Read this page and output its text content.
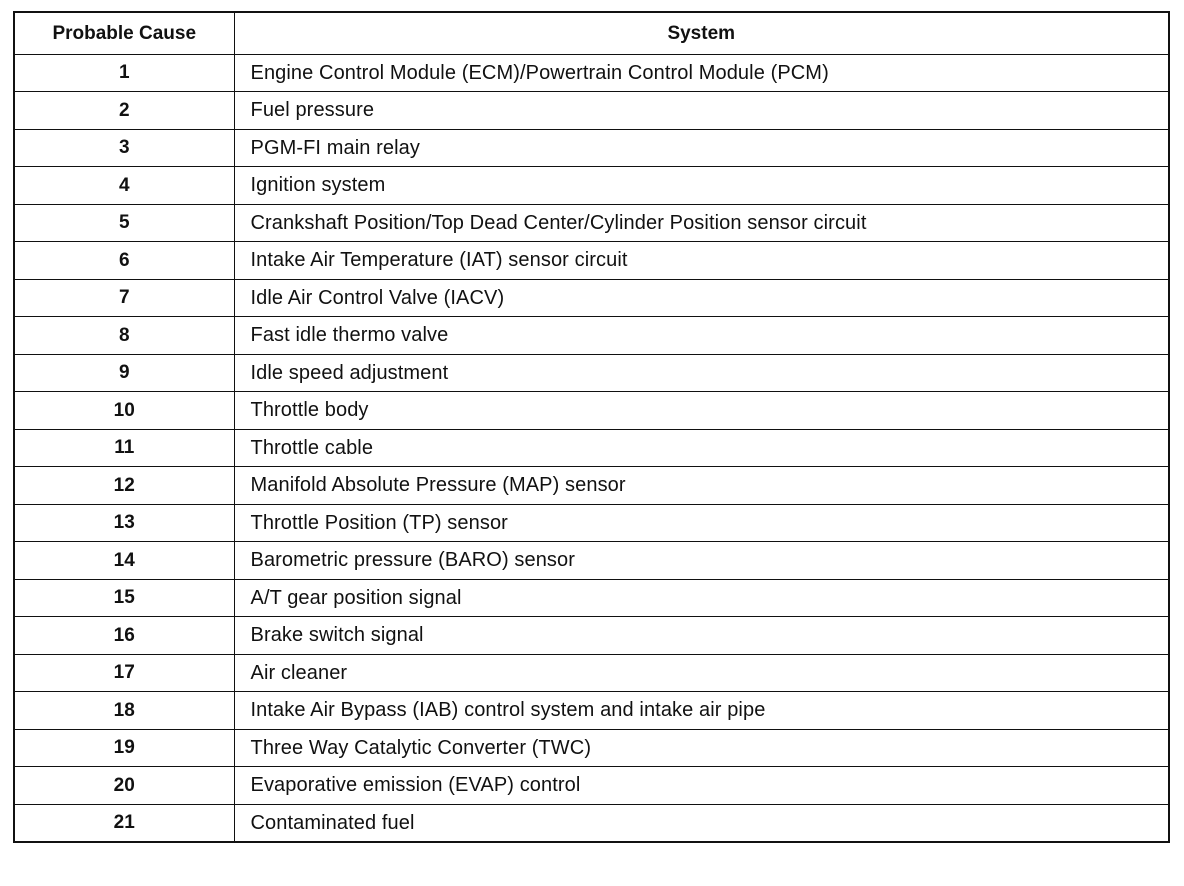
Probable Cause	System
1	Engine Control Module (ECM)/Powertrain Control Module (PCM)
2	Fuel pressure
3	PGM-FI main relay
4	Ignition system
5	Crankshaft Position/Top Dead Center/Cylinder Position sensor circuit
6	Intake Air Temperature (IAT) sensor circuit
7	Idle Air Control Valve (IACV)
8	Fast idle thermo valve
9	Idle speed adjustment
10	Throttle body
11	Throttle cable
12	Manifold Absolute Pressure (MAP) sensor
13	Throttle Position (TP) sensor
14	Barometric pressure (BARO) sensor
15	A/T gear position signal
16	Brake switch signal
17	Air cleaner
18	Intake Air Bypass (IAB) control system and intake air pipe
19	Three Way Catalytic Converter (TWC)
20	Evaporative emission (EVAP) control
21	Contaminated fuel
